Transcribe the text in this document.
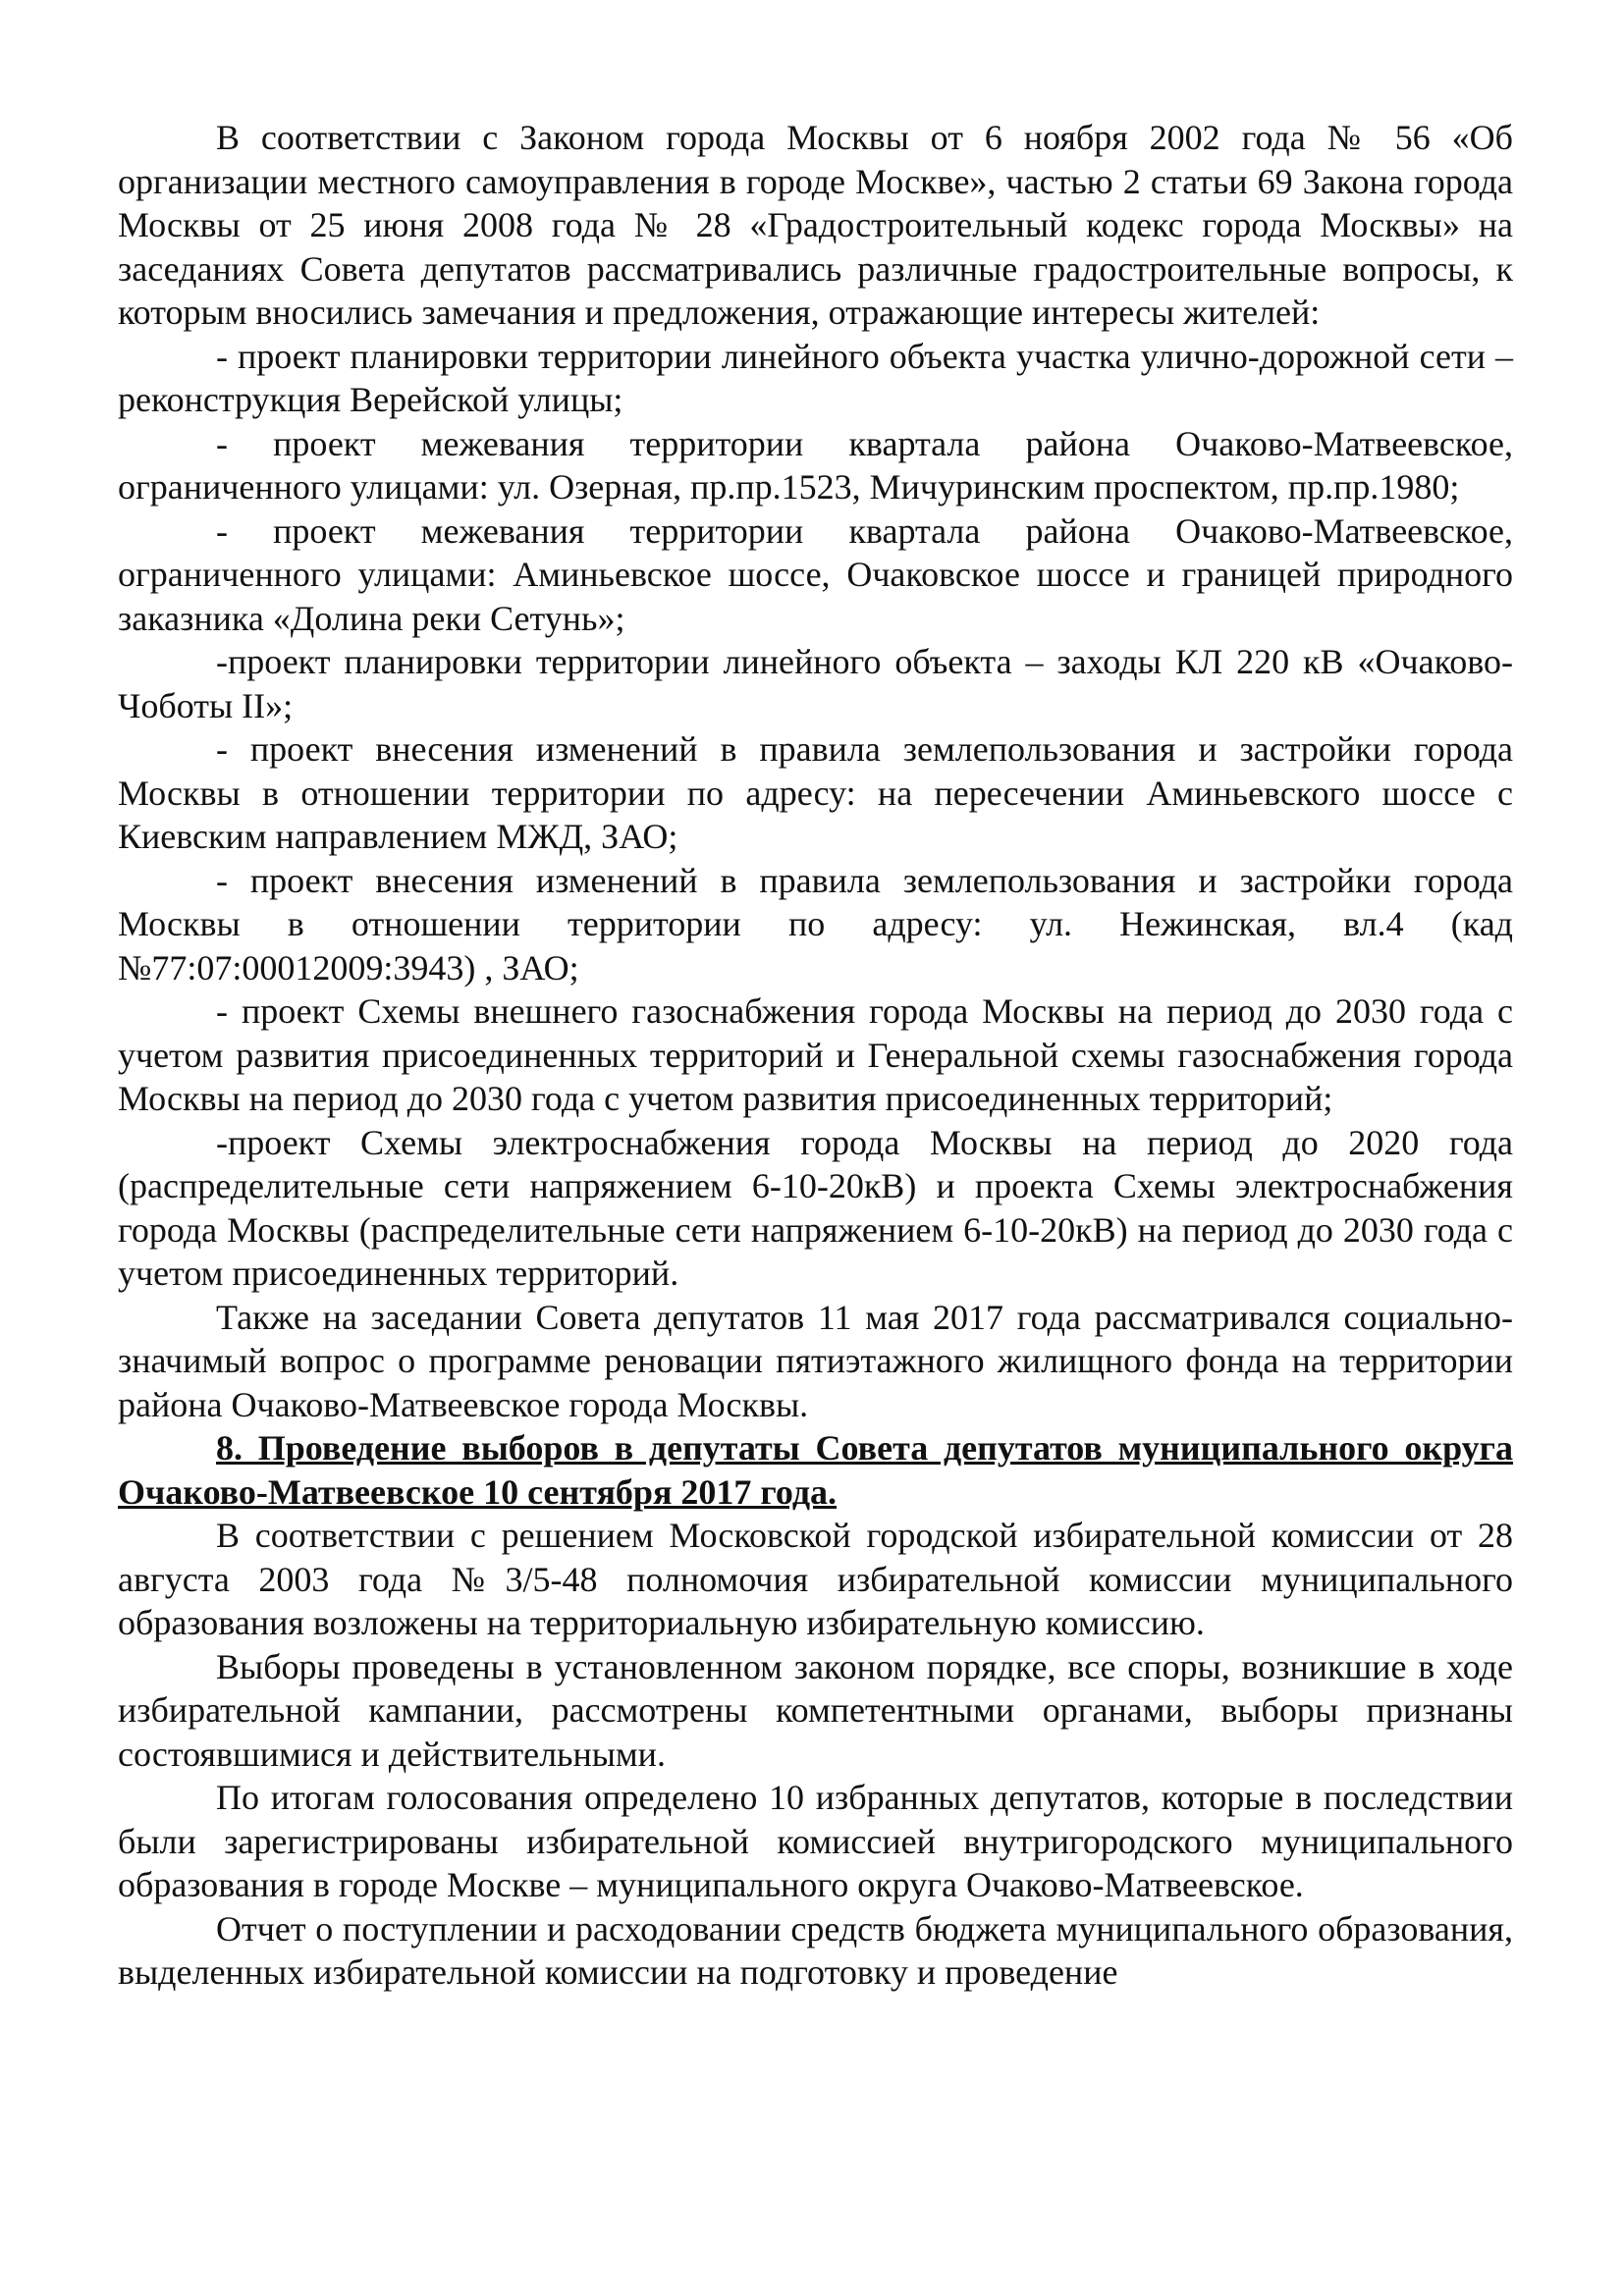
В соответствии с Законом города Москвы от 6 ноября 2002 года № 56 «Об организации местного самоуправления в городе Москве», частью 2 статьи 69 Закона города Москвы от 25 июня 2008 года № 28 «Градостроительный кодекс города Москвы» на заседаниях Совета депутатов рассматривались различные градостроительные вопросы, к которым вносились замечания и предложения, отражающие интересы жителей:

- проект планировки территории линейного объекта участка улично-дорожной сети –реконструкция Верейской улицы;

- проект межевания территории квартала района Очаково-Матвеевское, ограниченного улицами: ул. Озерная, пр.пр.1523, Мичуринским проспектом, пр.пр.1980;

- проект межевания территории квартала района Очаково-Матвеевское, ограниченного улицами: Аминьевское шоссе, Очаковское шоссе и границей природного заказника «Долина реки Сетунь»;

-проект планировки территории линейного объекта – заходы КЛ 220 кВ «Очаково-Чоботы II»;

- проект внесения изменений в правила землепользования и застройки города Москвы в отношении территории по адресу: на пересечении Аминьевского шоссе с Киевским направлением МЖД, ЗАО;

- проект внесения изменений в правила землепользования и застройки города Москвы в отношении территории по адресу: ул. Нежинская, вл.4 (кад №77:07:00012009:3943) , ЗАО;

- проект Схемы внешнего газоснабжения города Москвы на период до 2030 года с учетом развития присоединенных территорий и Генеральной схемы газоснабжения города Москвы на период до 2030 года с учетом развития присоединенных территорий;

-проект Схемы электроснабжения города Москвы на период до 2020 года (распределительные сети напряжением 6-10-20кВ) и проекта Схемы электроснабжения города Москвы (распределительные сети напряжением 6-10-20кВ) на период до 2030 года с учетом присоединенных территорий.

Также на заседании Совета депутатов 11 мая 2017 года рассматривался социально-значимый вопрос о программе реновации пятиэтажного жилищного фонда на территории района Очаково-Матвеевское города Москвы.

8. Проведение выборов в депутаты Совета депутатов муниципального округа Очаково-Матвеевское 10 сентября 2017 года.

В соответствии с решением Московской городской избирательной комиссии от 28 августа 2003 года №3/5-48 полномочия избирательной комиссии муниципального образования возложены на территориальную избирательную комиссию.

Выборы проведены в установленном законом порядке, все споры, возникшие в ходе избирательной кампании, рассмотрены компетентными органами, выборы признаны состоявшимися и действительными.

По итогам голосования определено 10 избранных депутатов, которые в последствии были зарегистрированы избирательной комиссией внутригородского муниципального образования в городе Москве – муниципального округа Очаково-Матвеевское.

Отчет о поступлении и расходовании средств бюджета муниципального образования, выделенных избирательной комиссии на подготовку и проведение
